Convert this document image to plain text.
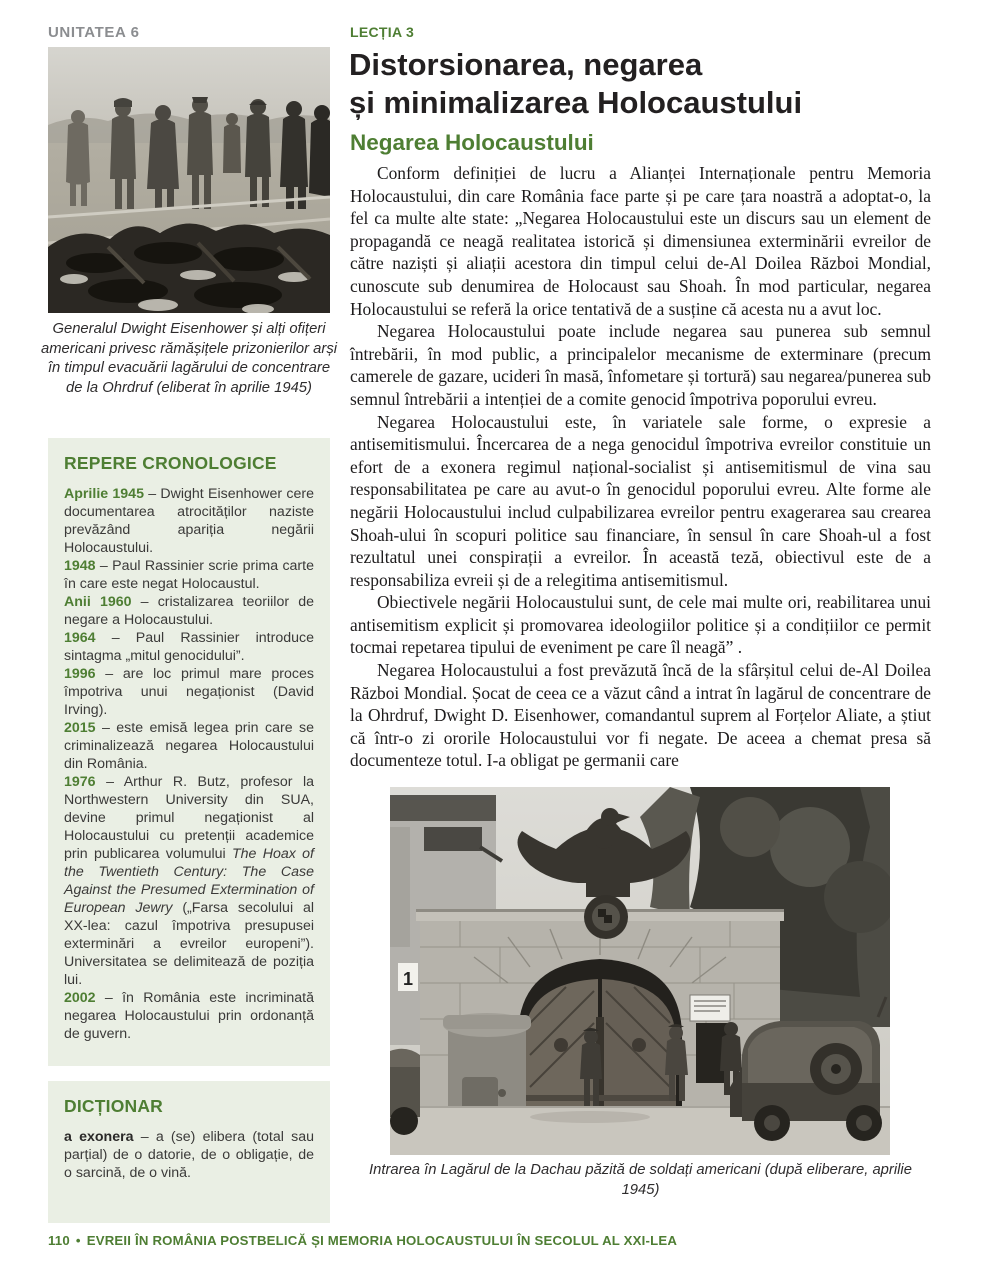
UNITATEA 6
Generalul Dwight Eisenhower și alți ofițeri americani privesc rămășițele prizonierilor arși în timpul evacuării lagărului de concentrare de la Ohrdruf (eliberat în aprilie 1945)

REPERE CRONOLOGICE

Aprilie 1945 – Dwight Eisenhower cere documentarea atrocităților naziste prevăzând apariția negării Holocaustului.

1948 – Paul Rassinier scrie prima carte în care este negat Holocaustul.

Anii 1960 – cristalizarea teoriilor de negare a Holocaustului.

1964 – Paul Rassinier introduce sintagma „mitul genocidului”.

1996 – are loc primul mare proces împotriva unui negaționist (David Irving).

2015 – este emisă legea prin care se criminalizează negarea Holocaustului din România.

1976 – Arthur R. Butz, profesor la Northwestern University din SUA, devine primul negaționist al Holocaustului cu pretenții academice prin publicarea volumului The Hoax of the Twentieth Century: The Case Against the Presumed Extermination of European Jewry („Farsa secolului al XX-lea: cazul împotriva presupusei exterminări a evreilor europeni”). Universitatea se delimitează de poziția lui.

2002 – în România este incriminată negarea Holocaustului prin ordonanță de guvern.

DICȚIONAR

a exonera – a (se) elibera (total sau parțial) de o datorie, de o obligație, de o sarcină, de o vină.

LECȚIA 3
Distorsionarea, negarea
și minimalizarea Holocaustului
Negarea Holocaustului

Conform definiției de lucru a Alianței Internaționale pentru Memoria Holocaustului, din care România face parte și pe care țara noastră a adoptat-o, la fel ca multe alte state: „Negarea Holocaustului este un discurs sau un element de propagandă ce neagă realitatea istorică și dimensiunea exterminării evreilor de către naziști și aliații acestora din timpul celui de-Al Doilea Război Mondial, cunoscute sub denumirea de Holocaust sau Shoah. În mod particular, negarea Holocaustului se referă la orice tentativă de a susține că acesta nu a avut loc.

Negarea Holocaustului poate include negarea sau punerea sub semnul întrebării, în mod public, a principalelor mecanisme de exterminare (precum camerele de gazare, ucideri în masă, înfometare și tortură) sau negarea/punerea sub semnul întrebării a intenției de a comite genocid împotriva poporului evreu.

Negarea Holocaustului este, în variatele sale forme, o expresie a antisemitismului. Încercarea de a nega genocidul împotriva evreilor constituie un efort de a exonera regimul național-socialist și antisemitismul de vina sau responsabilitatea pe care au avut-o în genocidul poporului evreu. Alte forme ale negării Holocaustului includ culpabilizarea evreilor pentru exagerarea sau crearea Shoah-ului în scopuri politice sau financiare, în sensul în care Shoah-ul a fost rezultatul unei conspirații a evreilor. În această teză, obiectivul este de a responsabiliza evreii și de a relegitima antisemitismul.

Obiectivele negării Holocaustului sunt, de cele mai multe ori, reabilitarea unui antisemitism explicit și promovarea ideologiilor politice și a condițiilor ce permit tocmai repetarea tipului de eveniment pe care îl neagă” .

Negarea Holocaustului a fost prevăzută încă de la sfârșitul celui de-Al Doilea Război Mondial. Șocat de ceea ce a văzut când a intrat în lagărul de concentrare de la Ohrdruf, Dwight D. Eisenhower, comandantul suprem al Forțelor Aliate, a știut că într-o zi ororile Holocaustului vor fi negate. De aceea a chemat presa să documenteze totul. I-a obligat pe germanii care

1
Intrarea în Lagărul de la Dachau păzită de soldați americani (după eliberare, aprilie 1945)
110 • EVREII ÎN ROMÂNIA POSTBELICĂ ȘI MEMORIA HOLOCAUSTULUI ÎN SECOLUL AL XXI-LEA
